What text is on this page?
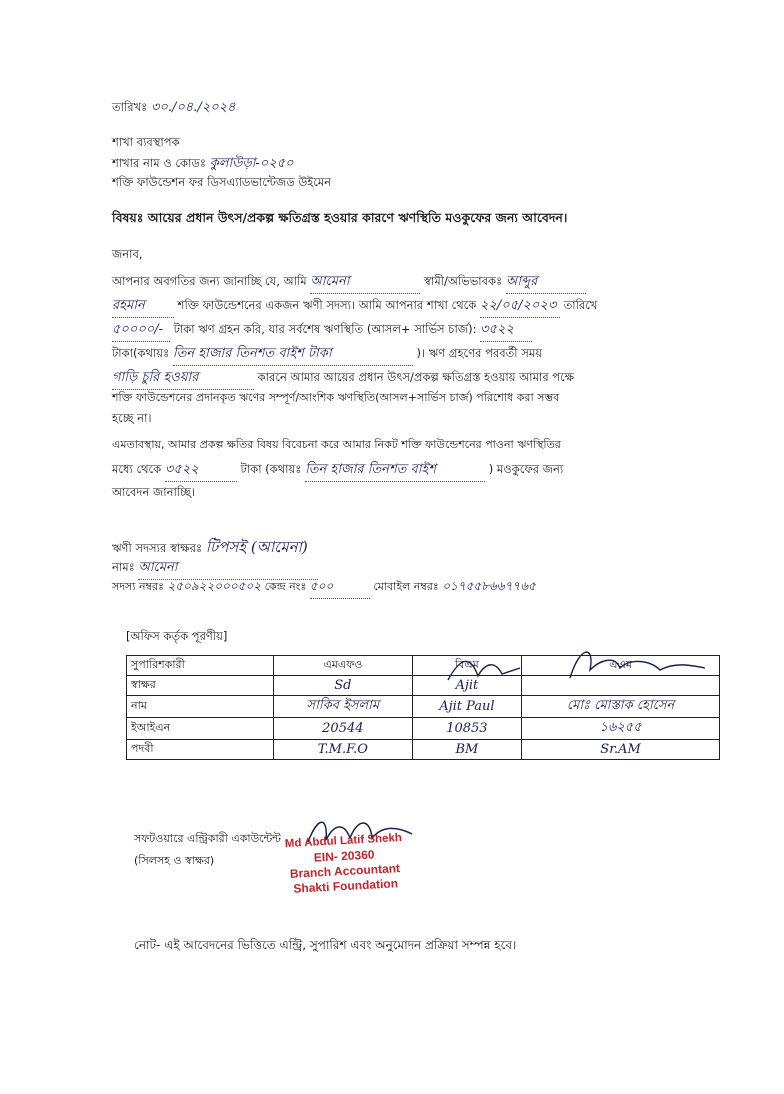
তারিখঃ ৩০./০৪./২০২৪
শাখা ব্যবস্থাপক
শাখার নাম ও কোডঃ কুলাউড়া-০২৫০
শক্তি ফাউন্ডেশন ফর ডিসএ্যাডভান্টেজড উইমেন
বিষয়ঃ আয়ের প্রধান উৎস/প্রকল্প ক্ষতিগ্রস্ত হওয়ার কারণে ঋণস্থিতি মওকুফের জন্য আবেদন।
জনাব,
আপনার অবগতির জন্য জানাচ্ছি যে, আমি আমেনা	স্বামী/অভিভাবকঃ আব্দুর
রহমান	শক্তি ফাউন্ডেশনের একজন ঋণী সদস্য। আমি আপনার শাখা থেকে ২২/০৫/২০২৩ তারিখে
৫০০০০/- টাকা ঋণ গ্রহন করি, যার সর্বশেষ ঋণস্থিতি (আসল+ সার্ভিস চার্জ): ৩৫২২
টাকা(কথায়ঃ তিন হাজার তিনশত বাইশ টাকা	)। ঋণ গ্রহণের পরবর্তী সময়
গাড়ি চুরি হওয়ার	কারনে আমার আয়ের প্রধান উৎস/প্রকল্প ক্ষতিগ্রস্ত হওয়ায় আমার পক্ষে
শক্তি ফাউন্ডেশনের প্রদানকৃত ঋণের সম্পূর্ণ/আংশিক ঋণস্থিতি(আসল+সার্ভিস চার্জ) পরিশোধ করা সম্ভব
হচ্ছে না।
এমতাবস্থায়, আমার প্রকল্প ক্ষতির বিষয় বিবেচনা করে আমার নিকট শক্তি ফাউন্ডেশনের পাওনা ঋণস্থিতির
মধ্যে থেকে ৩৫২২	টাকা (কথায়ঃ তিন হাজার তিনশত বাইশ	) মওকুফের জন্য
আবেদন জানাচ্ছি।
ঋণী সদস্যর স্বাক্ষরঃ টিপসই (আমেনা)
নামঃ আমেনা
সদস্য নম্বরঃ ২৫০৯২২০০০৫০২ কেন্দ্র নংঃ ৫০০	মোবাইল নম্বরঃ ০১৭৫৫৮৬৬৭৭৬৫
[অফিস কর্তৃক পূরণীয়]
সুপারিশকারী	এমএফও	বিএম	এএম
স্বাক্ষর	Sd	Ajit	
নাম	সাকিব ইসলাম	Ajit Paul	মোঃ মোস্তাক হোসেন
ইআইএন	20544	10853	১৬২৫৫
পদবী	T.M.F.O	BM	Sr.AM
সফটওয়ারে এন্ট্রিকারী একাউন্টেন্ট
(সিলসহ ও স্বাক্ষর)
Md Abdul Latif Shekh
EIN- 20360
Branch Accountant
Shakti Foundation
নোট- এই আবেদনের ভিত্তিতে এন্ট্রি, সুপারিশ এবং অনুমোদন প্রক্রিয়া সম্পন্ন হবে।
